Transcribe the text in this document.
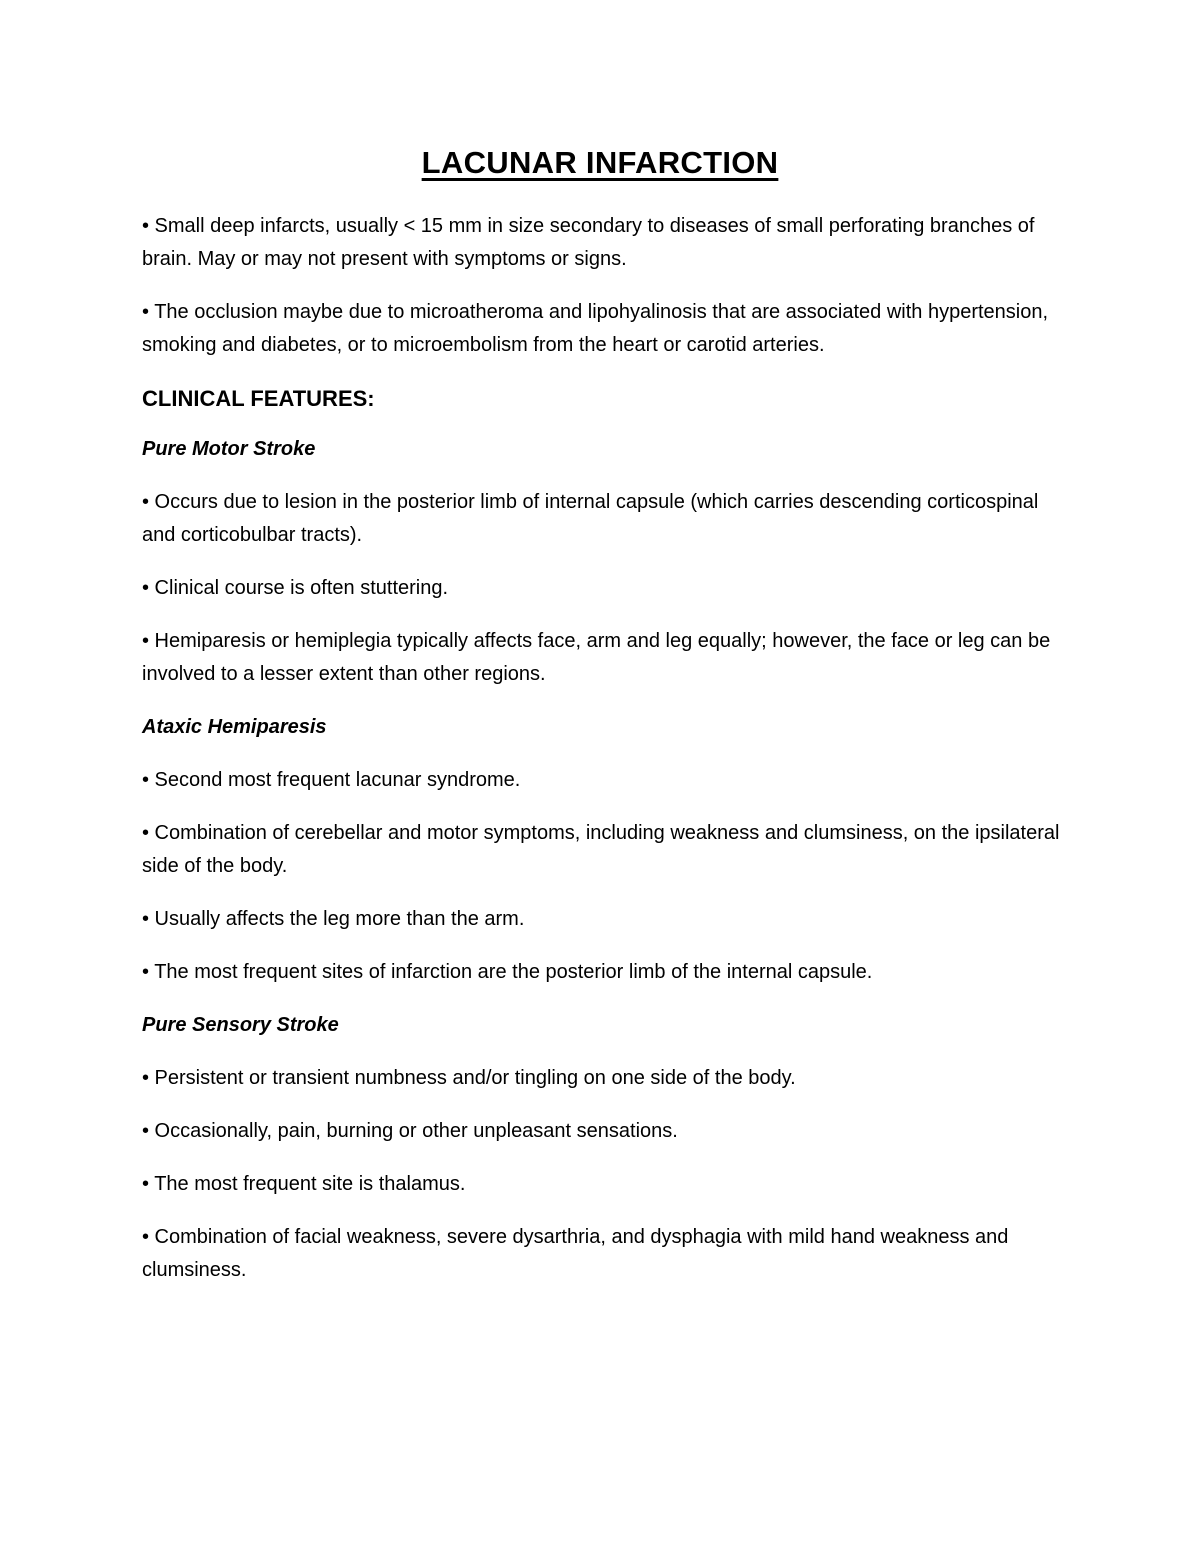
LACUNAR INFARCTION

• Small deep infarcts, usually < 15 mm in size secondary to diseases of small perforating branches of brain. May or may not present with symptoms or signs.

• The occlusion maybe due to microatheroma and lipohyalinosis that are associated with hypertension, smoking and diabetes, or to microembolism from the heart or carotid arteries.

CLINICAL FEATURES:
Pure Motor Stroke

• Occurs due to lesion in the posterior limb of internal capsule (which carries descending corticospinal and corticobulbar tracts).

• Clinical course is often stuttering.

• Hemiparesis or hemiplegia typically affects face, arm and leg equally; however, the face or leg can be involved to a lesser extent than other regions.

Ataxic Hemiparesis

• Second most frequent lacunar syndrome.

• Combination of cerebellar and motor symptoms, including weakness and clumsiness, on the ipsilateral side of the body.

• Usually affects the leg more than the arm.

• The most frequent sites of infarction are the posterior limb of the internal capsule.

Pure Sensory Stroke

• Persistent or transient numbness and/or tingling on one side of the body.

• Occasionally, pain, burning or other unpleasant sensations.

• The most frequent site is thalamus.

• Combination of facial weakness, severe dysarthria, and dysphagia with mild hand weakness and clumsiness.
